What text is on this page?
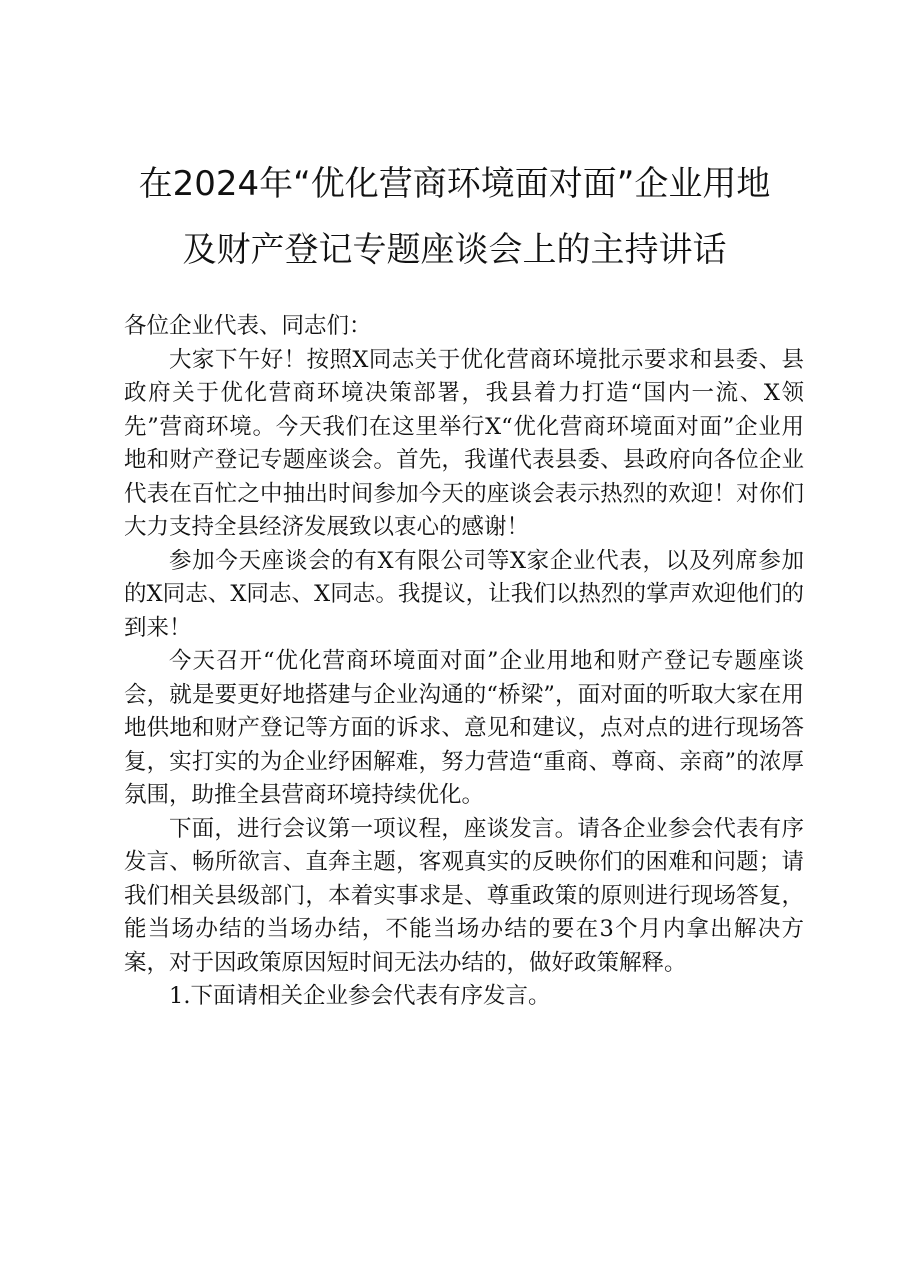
在2024年“优化营商环境面对面”企业用地
及财产登记专题座谈会上的主持讲话

各位企业代表、同志们：

大家下午好！按照X同志关于优化营商环境批示要求和县委、县政府关于优化营商环境决策部署，我县着力打造“国内一流、X领先”营商环境。今天我们在这里举行X“优化营商环境面对面”企业用地和财产登记专题座谈会。首先，我谨代表县委、县政府向各位企业代表在百忙之中抽出时间参加今天的座谈会表示热烈的欢迎！对你们大力支持全县经济发展致以衷心的感谢！

参加今天座谈会的有X有限公司等X家企业代表，以及列席参加的X同志、X同志、X同志。我提议，让我们以热烈的掌声欢迎他们的到来！

今天召开“优化营商环境面对面”企业用地和财产登记专题座谈会，就是要更好地搭建与企业沟通的“桥梁”，面对面的听取大家在用地供地和财产登记等方面的诉求、意见和建议，点对点的进行现场答复，实打实的为企业纾困解难，努力营造“重商、尊商、亲商”的浓厚氛围，助推全县营商环境持续优化。

下面，进行会议第一项议程，座谈发言。请各企业参会代表有序发言、畅所欲言、直奔主题，客观真实的反映你们的困难和问题；请我们相关县级部门，本着实事求是、尊重政策的原则进行现场答复，能当场办结的当场办结，不能当场办结的要在3个月内拿出解决方案，对于因政策原因短时间无法办结的，做好政策解释。

1.下面请相关企业参会代表有序发言。
